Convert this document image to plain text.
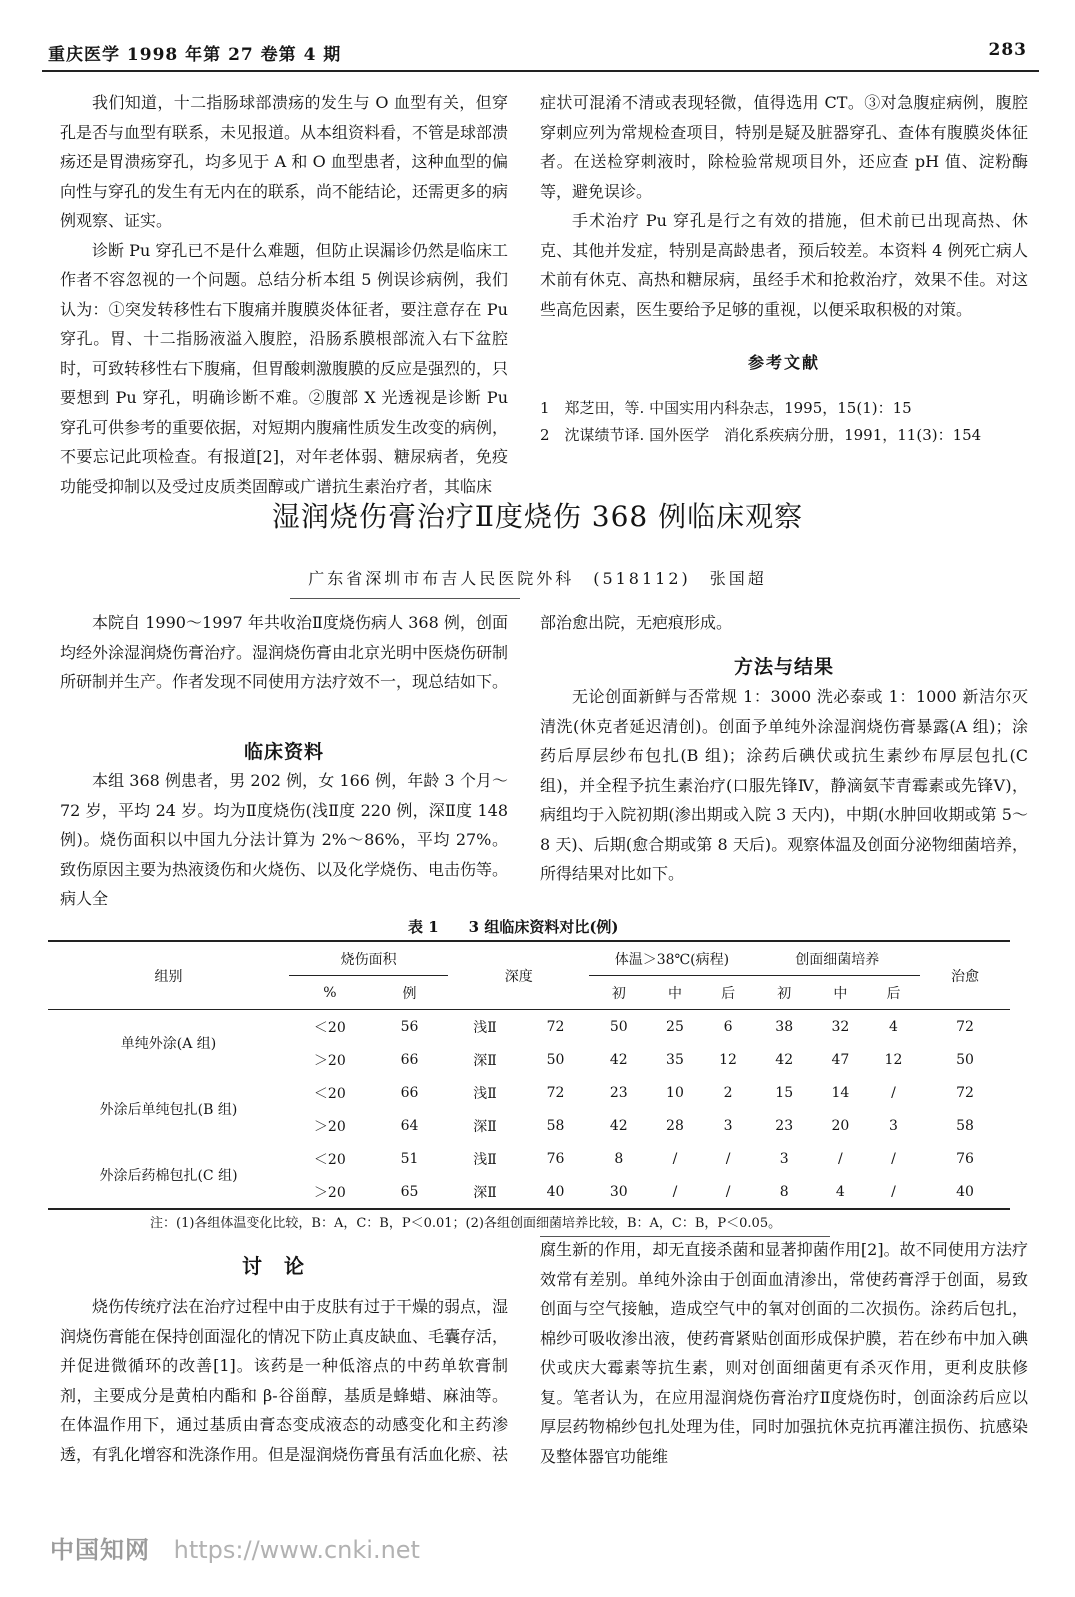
重庆医学 1998 年第 27 卷第 4 期	283

我们知道，十二指肠球部溃疡的发生与 O 血型有关，但穿孔是否与血型有联系，未见报道。从本组资料看，不管是球部溃疡还是胃溃疡穿孔，均多见于 A 和 O 血型患者，这种血型的偏向性与穿孔的发生有无内在的联系，尚不能结论，还需更多的病例观察、证实。

诊断 Pu 穿孔已不是什么难题，但防止误漏诊仍然是临床工作者不容忽视的一个问题。总结分析本组 5 例误诊病例，我们认为：①突发转移性右下腹痛并腹膜炎体征者，要注意存在 Pu 穿孔。胃、十二指肠液溢入腹腔，沿肠系膜根部流入右下盆腔时，可致转移性右下腹痛，但胃酸刺激腹膜的反应是强烈的，只要想到 Pu 穿孔，明确诊断不难。②腹部 X 光透视是诊断 Pu 穿孔可供参考的重要依据，对短期内腹痛性质发生改变的病例，不要忘记此项检查。有报道[2]，对年老体弱、糖尿病者，免疫功能受抑制以及受过皮质类固醇或广谱抗生素治疗者，其临床

症状可混淆不清或表现轻微，值得选用 CT。③对急腹症病例，腹腔穿刺应列为常规检查项目，特别是疑及脏器穿孔、查体有腹膜炎体征者。在送检穿刺液时，除检验常规项目外，还应查 pH 值、淀粉酶等，避免误诊。

手术治疗 Pu 穿孔是行之有效的措施，但术前已出现高热、休克、其他并发症，特别是高龄患者，预后较差。本资料 4 例死亡病人术前有休克、高热和糖尿病，虽经手术和抢救治疗，效果不佳。对这些高危因素，医生要给予足够的重视，以便采取积极的对策。

参考文献
1　郑芝田，等. 中国实用内科杂志，1995，15(1)：15
2　沈谋绩节译. 国外医学　消化系疾病分册，1991，11(3)：154
湿润烧伤膏治疗Ⅱ度烧伤 368 例临床观察
广东省深圳市布吉人民医院外科　(518112)　张国超

本院自 1990～1997 年共收治Ⅱ度烧伤病人 368 例，创面均经外涂湿润烧伤膏治疗。湿润烧伤膏由北京光明中医烧伤研制所研制并生产。作者发现不同使用方法疗效不一，现总结如下。

临床资料

本组 368 例患者，男 202 例，女 166 例，年龄 3 个月～72 岁，平均 24 岁。均为Ⅱ度烧伤(浅Ⅱ度 220 例，深Ⅱ度 148 例)。烧伤面积以中国九分法计算为 2%～86%，平均 27%。致伤原因主要为热液烫伤和火烧伤、以及化学烧伤、电击伤等。病人全

部治愈出院，无疤痕形成。

方法与结果

无论创面新鲜与否常规 1：3000 洗必泰或 1：1000 新洁尔灭清洗(休克者延迟清创)。创面予单纯外涂湿润烧伤膏暴露(A 组)；涂药后厚层纱布包扎(B 组)；涂药后碘伏或抗生素纱布厚层包扎(C 组)，并全程予抗生素治疗(口服先锋Ⅳ，静滴氨苄青霉素或先锋Ⅴ)，病组均于入院初期(渗出期或入院 3 天内)，中期(水肿回收期或第 5～8 天)、后期(愈合期或第 8 天后)。观察体温及创面分泌物细菌培养，所得结果对比如下。

表 1　　3 组临床资料对比(例)
组别	烧伤面积		深度		体温＞38℃(病程)			创面细菌培养			治愈
	%	例			初	中	后	初	中	后	
单纯外涂(A 组)	＜20	56	浅Ⅱ	72	50	25	6	38	32	4	72
	＞20	66	深Ⅱ	50	42	35	12	42	47	12	50
外涂后单纯包扎(B 组)	＜20	66	浅Ⅱ	72	23	10	2	15	14	/	72
	＞20	64	深Ⅱ	58	42	28	3	23	20	3	58
外涂后药棉包扎(C 组)	＜20	51	浅Ⅱ	76	8	/	/	3	/	/	76
	＞20	65	深Ⅱ	40	30	/	/	8	4	/	40
注：(1)各组体温变化比较，B：A，C：B，P＜0.01；(2)各组创面细菌培养比较，B：A，C：B，P＜0.05。
讨论

烧伤传统疗法在治疗过程中由于皮肤有过于干燥的弱点，湿润烧伤膏能在保持创面湿化的情况下防止真皮缺血、毛囊存活，并促进微循环的改善[1]。该药是一种低溶点的中药单软膏制剂，主要成分是黄柏内酯和 β-谷甾醇，基质是蜂蜡、麻油等。在体温作用下，通过基质由膏态变成液态的动感变化和主药渗透，有乳化增容和洗涤作用。但是湿润烧伤膏虽有活血化瘀、祛

腐生新的作用，却无直接杀菌和显著抑菌作用[2]。故不同使用方法疗效常有差别。单纯外涂由于创面血清渗出，常使药膏浮于创面，易致创面与空气接触，造成空气中的氧对创面的二次损伤。涂药后包扎，棉纱可吸收渗出液，使药膏紧贴创面形成保护膜，若在纱布中加入碘伏或庆大霉素等抗生素，则对创面细菌更有杀灭作用，更利皮肤修复。笔者认为，在应用湿润烧伤膏治疗Ⅱ度烧伤时，创面涂药后应以厚层药物棉纱包扎处理为佳，同时加强抗休克抗再灌注损伤、抗感染及整体器官功能维

中国知网 https://www.cnki.net
